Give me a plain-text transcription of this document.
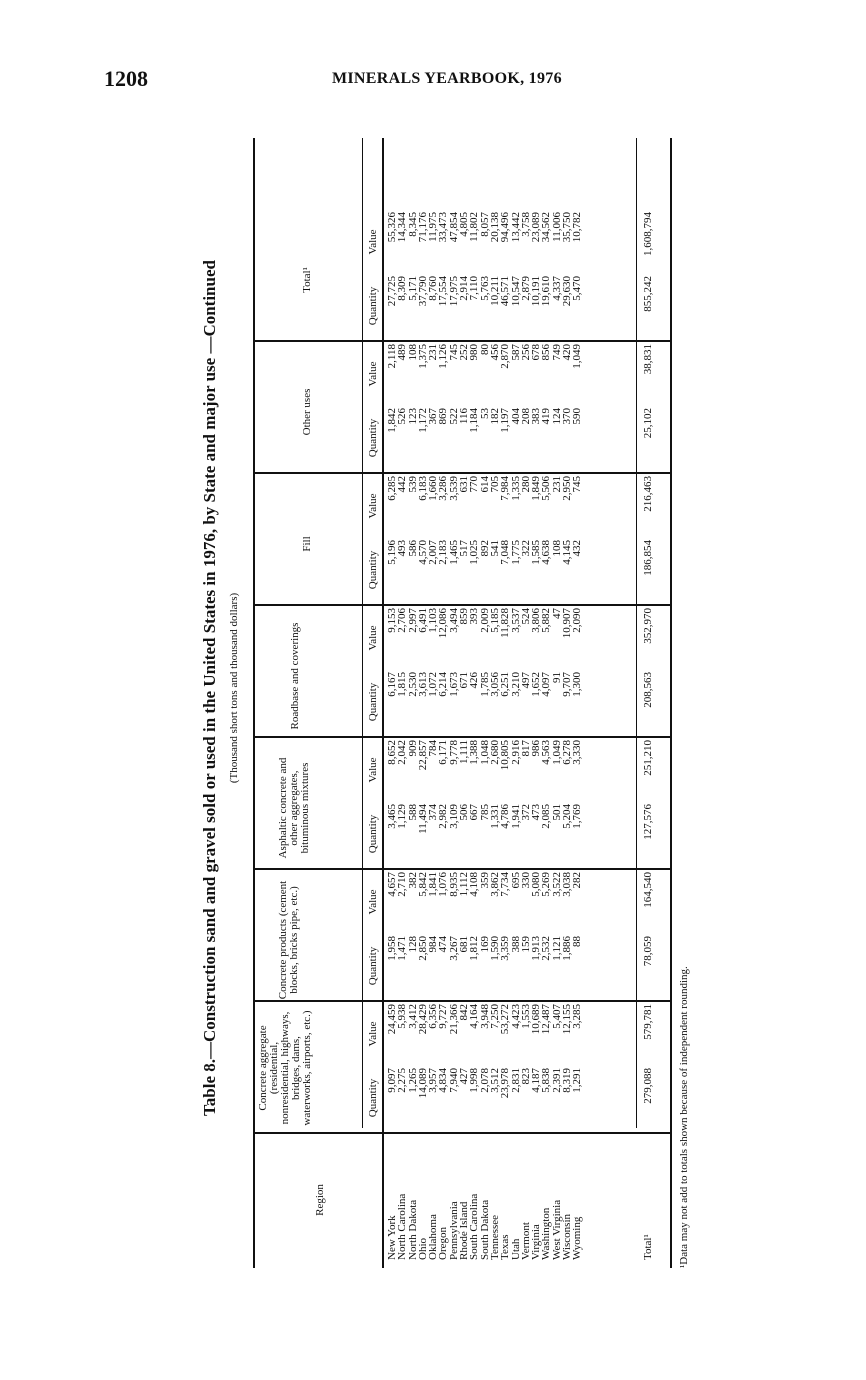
1208	MINERALS YEARBOOK, 1976
Table 8.—Construction sand and gravel sold or used in the United States in 1976, by State and major use —Continued (Thousand short tons and thousand dollars)
Region
Concrete aggregate (residential, nonresidential, highways, bridges, dams, waterworks, airports, etc.)
Concrete products (cement blocks, bricks pipe, etc.)
Asphaltic concrete and other aggregates, bituminous mixtures
Roadbase and coverings
Fill
Other uses
Total¹
Quantity
Value
Quantity
Value
Quantity
Value
Quantity
Value
Quantity
Value
Quantity
Value
Quantity
Value
New York
North Carolina
North Dakota
Ohio
Oklahoma
Oregon
Pennsylvania
Rhode Island
South Carolina
South Dakota
Tennessee
Texas
Utah
Vermont
Virginia
Washington
West Virginia
Wisconsin
Wyoming
9,097
2,275
1,265
14,089
3,957
4,834
7,940
427
1,998
2,078
3,512
23,978
2,831
823
4,187
5,838
2,391
8,319
1,291
24,459
5,938
3,412
28,429
6,356
9,727
21,366
842
4,164
3,948
7,250
53,272
4,423
1,553
10,689
12,487
5,407
12,155
3,285
1,958
1,471
128
2,850
984
474
3,267
681
1,812
169
1,590
3,359
388
159
1,913
2,532
1,121
1,886
88
4,657
2,710
382
5,842
1,841
1,076
8,935
1,112
4,108
359
3,862
7,734
695
330
5,080
5,269
3,522
3,038
282
3,465
1,129
588
11,494
374
2,982
3,109
506
667
785
1,331
4,786
1,941
372
473
2,085
501
5,204
1,769
8,652
2,042
909
22,857
784
6,171
9,778
1,111
1,388
1,048
2,680
10,805
2,916
817
986
4,563
1,049
6,278
3,330
6,167
1,815
2,530
3,613
1,072
6,214
1,673
671
426
1,785
3,056
6,251
3,210
497
1,652
4,097
91
9,707
1,300
9,153
2,706
2,997
6,491
1,103
12,086
3,494
859
393
2,009
5,185
11,828
3,537
524
3,806
5,882
47
10,907
2,090
5,196
493
586
4,570
2,007
2,183
1,465
517
1,025
892
541
7,048
1,775
322
1,585
4,638
108
4,145
432
6,285
442
539
6,183
1,660
3,286
3,539
631
770
614
705
7,984
1,335
280
1,849
5,506
231
2,950
745
1,842
526
123
1,172
367
869
522
116
1,184
53
182
1,197
404
208
383
419
124
370
590
2,118
489
108
1,375
231
1,126
745
252
980
80
456
2,870
587
256
678
856
749
420
1,049
27,725
8,309
5,171
37,790
8,760
17,554
17,975
2,914
7,110
5,763
10,211
46,571
10,547
2,879
10,191
19,610
4,337
29,630
5,470
55,326
14,344
8,345
71,176
11,975
33,473
47,854
4,805
11,802
8,057
20,138
94,496
13,442
3,758
23,089
34,562
11,006
35,750
10,782
Total¹
279,088
579,781
78,059
164,540
127,576
251,210
208,563
352,970
186,854
216,463
25,102
38,831
855,242
1,608,794
¹Data may not add to totals shown because of independent rounding.
